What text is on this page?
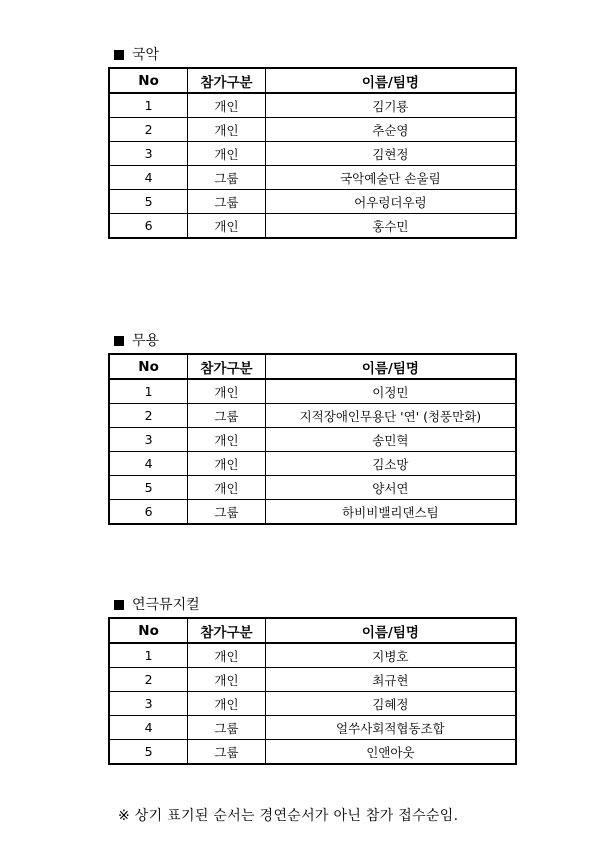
국악
No	참가구분	이름/팀명
1	개인	김기룡
2	개인	추순영
3	개인	김현정
4	그룹	국악예술단 손울림
5	그룹	어우렁더우렁
6	개인	홍수민
무용
No	참가구분	이름/팀명
1	개인	이정민
2	그룹	지적장애인무용단 '연' (청풍만화)
3	개인	송민혁
4	개인	김소망
5	개인	양서연
6	그룹	하비비밸리댄스팀
연극뮤지컬
No	참가구분	이름/팀명
1	개인	지병호
2	개인	최규현
3	개인	김혜정
4	그룹	얼쑤사회적협동조합
5	그룹	인앤아웃
※ 상기 표기된 순서는 경연순서가 아닌 참가 접수순임.
